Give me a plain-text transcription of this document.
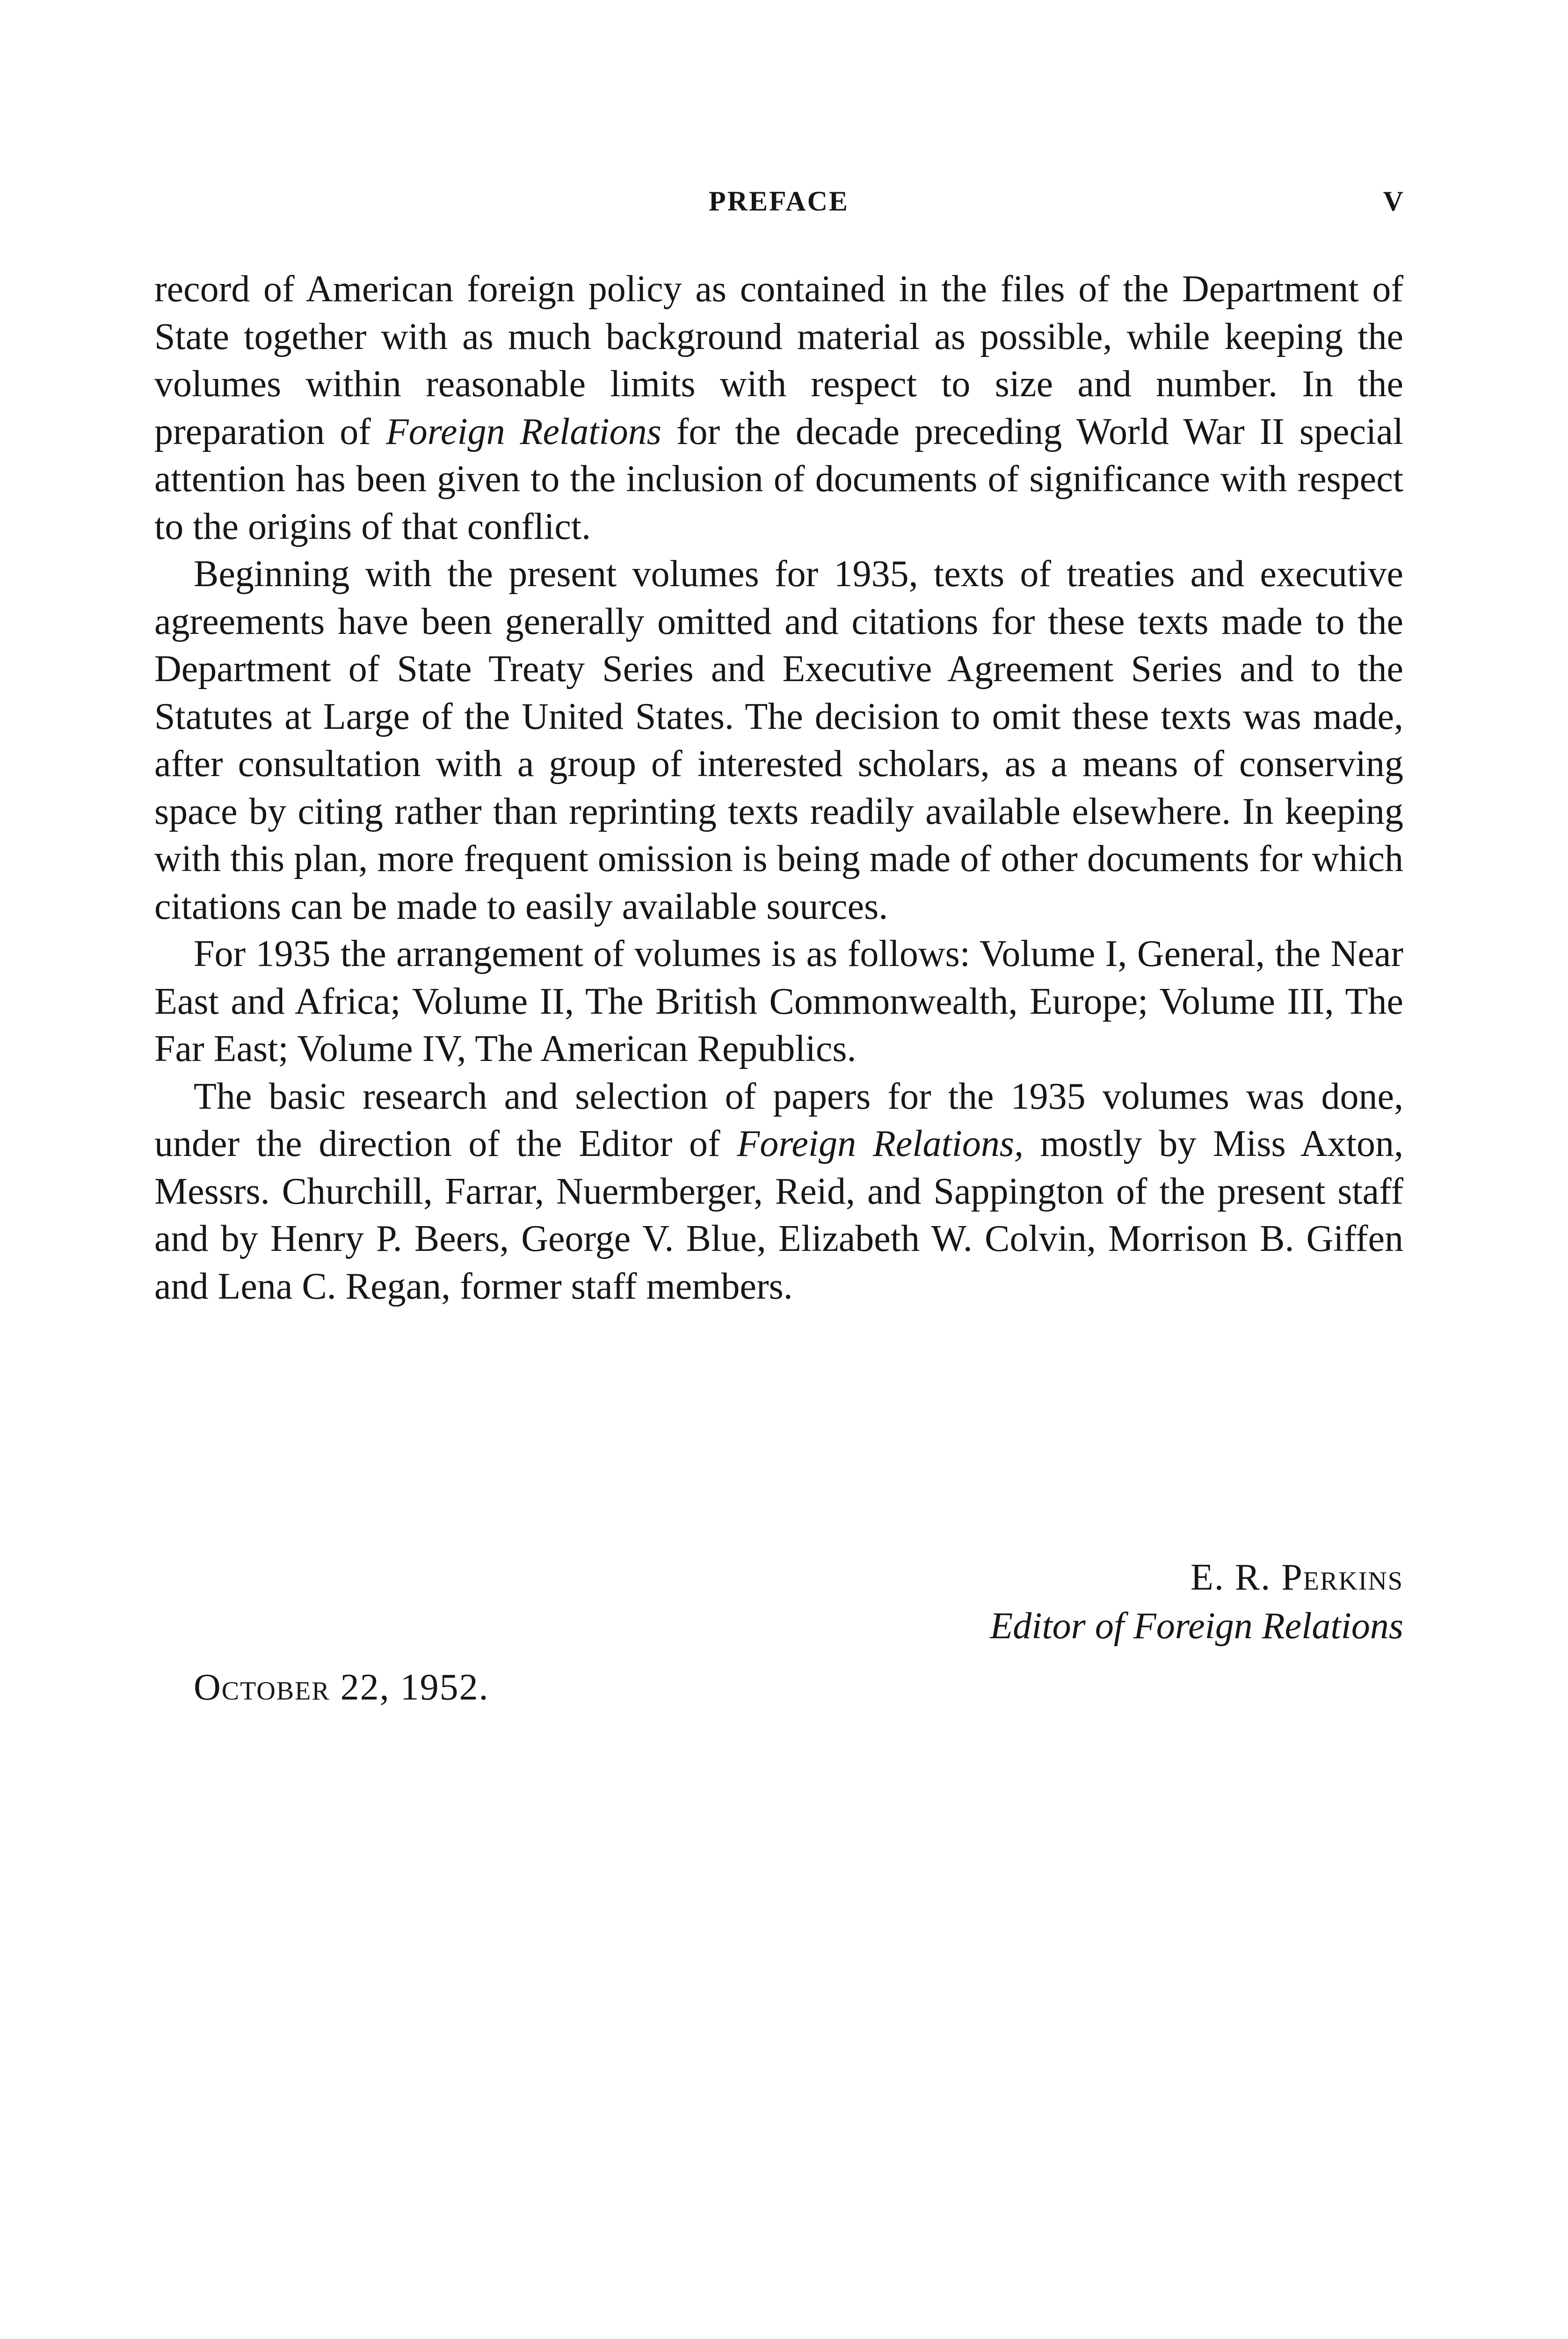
PREFACE	V

record of American foreign policy as contained in the files of the Department of State together with as much background material as possible, while keeping the volumes within reasonable limits with respect to size and number. In the preparation of Foreign Relations for the decade preceding World War II special attention has been given to the inclusion of documents of significance with respect to the origins of that conflict.

Beginning with the present volumes for 1935, texts of treaties and executive agreements have been generally omitted and citations for these texts made to the Department of State Treaty Series and Executive Agreement Series and to the Statutes at Large of the United States. The decision to omit these texts was made, after consultation with a group of interested scholars, as a means of conserving space by citing rather than reprinting texts readily available elsewhere. In keeping with this plan, more frequent omission is being made of other documents for which citations can be made to easily available sources.

For 1935 the arrangement of volumes is as follows: Volume I, General, the Near East and Africa; Volume II, The British Commonwealth, Europe; Volume III, The Far East; Volume IV, The American Republics.

The basic research and selection of papers for the 1935 volumes was done, under the direction of the Editor of Foreign Relations, mostly by Miss Axton, Messrs. Churchill, Farrar, Nuermberger, Reid, and Sappington of the present staff and by Henry P. Beers, George V. Blue, Elizabeth W. Colvin, Morrison B. Giffen and Lena C. Regan, former staff members.

E. R. Perkins
Editor of Foreign Relations
October 22, 1952.
